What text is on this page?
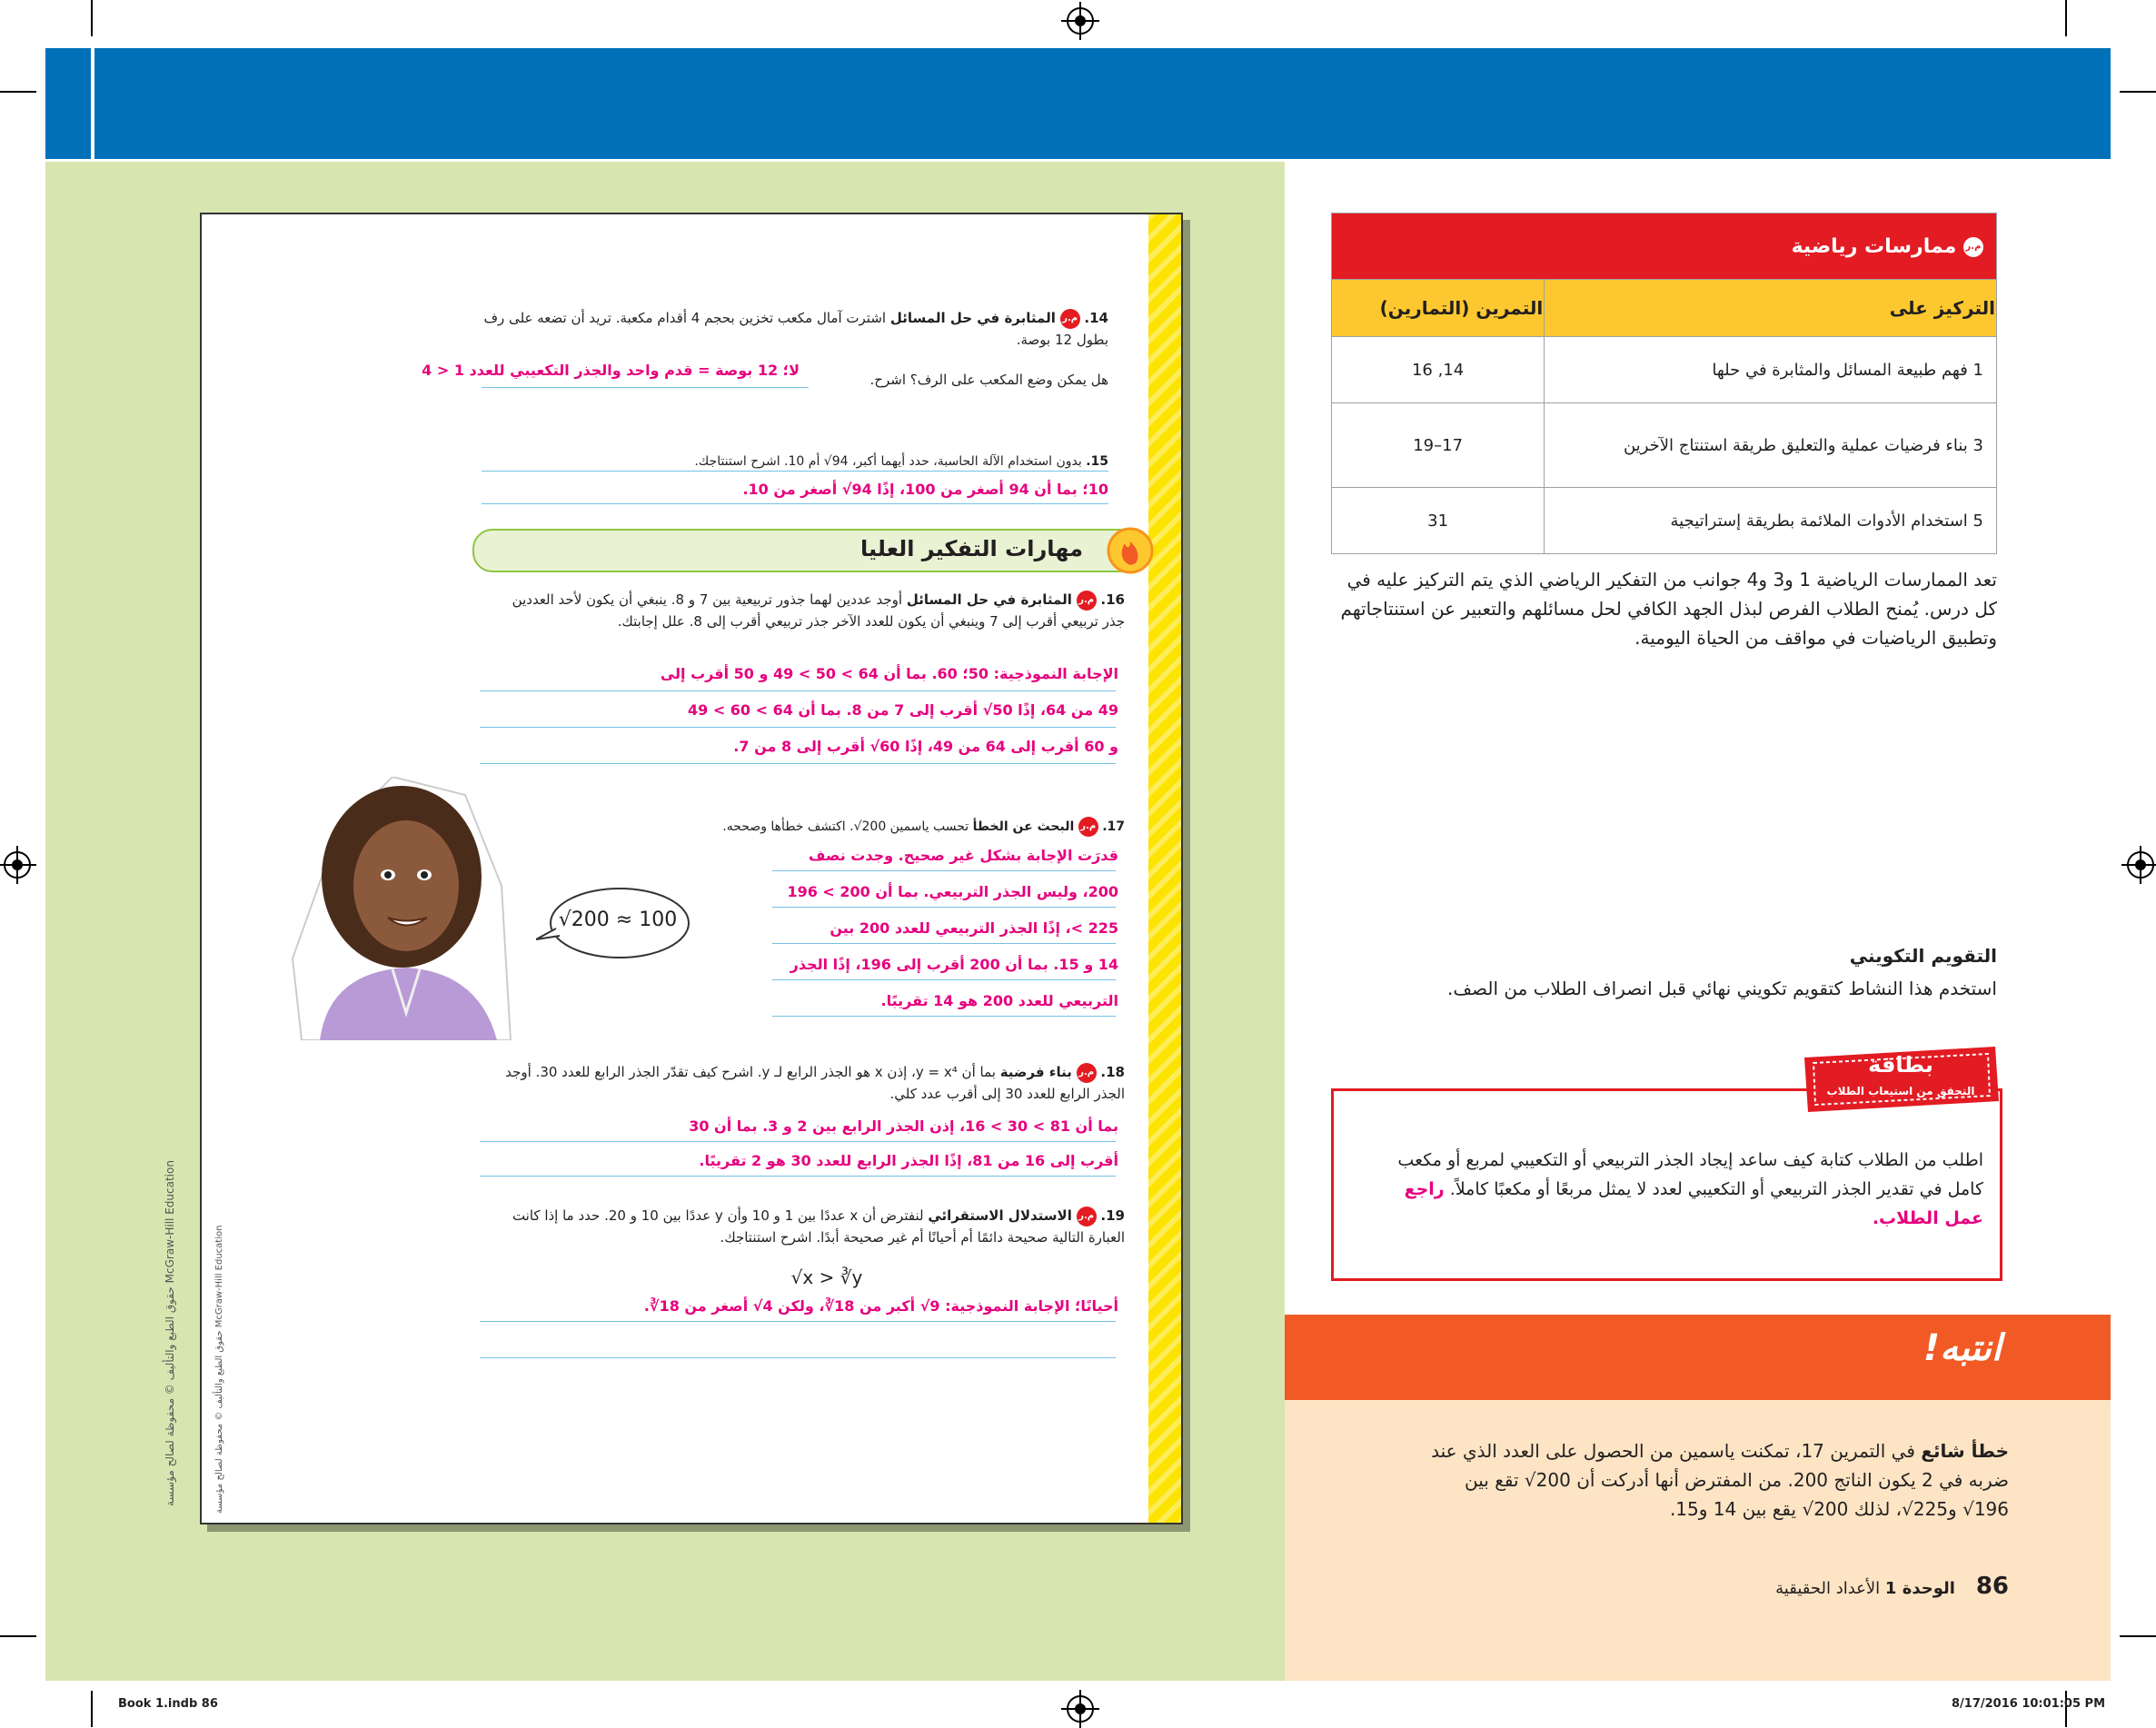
حقوق الطبع والتأليف © محفوظة لصالح مؤسسة McGraw-Hill Education
حقوق الطبع والتأليف © محفوظة لصالح مؤسسة McGraw-Hill Education
14. م.ر المثابرة في حل المسائل اشترت آمال مكعب تخزين بحجم 4 أقدام مكعبة. تريد أن تضعه على رف بطول 12 بوصة.
هل يمكن وضع المكعب على الرف؟ اشرح.
لا؛ 12 بوصة = قدم واحد والجذر التكعيبي للعدد 1 < 4
15. بدون استخدام الآلة الحاسبة، حدد أيهما أكبر، 94√ أم 10. اشرح استنتاجك.
10؛ بما أن 94 أصغر من 100، إذًا 94√ أصغر من 10.
مهارات التفكير العليا
16. م.ر المثابرة في حل المسائل أوجد عددين لهما جذور تربيعية بين 7 و 8. ينبغي أن يكون لأحد العددين جذر تربيعي أقرب إلى 7 وينبغي أن يكون للعدد الآخر جذر تربيعي أقرب إلى 8. علل إجابتك.
الإجابة النموذجية: 50؛ 60. بما أن 64 > 50 > 49 و 50 أقرب إلى
49 من 64، إذًا 50√ أقرب إلى 7 من 8. بما أن 64 > 60 > 49
و 60 أقرب إلى 64 من 49، إذًا 60√ أقرب إلى 8 من 7.
17. م.ر البحث عن الخطأ تحسب ياسمين 200√. اكتشف خطأها وصححه.
قدرَت الإجابة بشكل غير صحيح. وجدت نصف
200، وليس الجذر التربيعي. بما أن 200 > 196
225 >، إذًا الجذر التربيعي للعدد 200 بين
14 و 15. بما أن 200 أقرب إلى 196، إذًا الجذر
التربيعي للعدد 200 هو 14 تقريبًا.
√200 ≈ 100
18. م.ر بناء فرضية بما أن y = x⁴، إذن x هو الجذر الرابع لـ y. اشرح كيف تقدّر الجذر الرابع للعدد 30. أوجد الجذر الرابع للعدد 30 إلى أقرب عدد كلي.
بما أن 81 > 30 > 16، إذن الجذر الرابع بين 2 و 3. بما أن 30
أقرب إلى 16 من 81، إذًا الجذر الرابع للعدد 30 هو 2 تقريبًا.
19. م.ر الاستدلال الاستقرائي لنفترض أن x عددًا بين 1 و 10 وأن y عددًا بين 10 و 20. حدد ما إذا كانت العبارة التالية صحيحة دائمًا أم أحيانًا أم غير صحيحة أبدًا. اشرح استنتاجك.
√x > ∛y
أحيانًا؛ الإجابة النموذجية: 9√ أكبر من 18∛، ولكن 4√ أصغر من 18∛.
م.ر ممارسات رياضية	
التركيز على	التمرين (التمارين)
1 فهم طبيعة المسائل والمثابرة في حلها	14, 16
3 بناء فرضيات عملية والتعليق طريقة استنتاج الآخرين	17–19
5 استخدام الأدوات الملائمة بطريقة إستراتيجية	31
تعد الممارسات الرياضية 1 و3 و4 جوانب من التفكير الرياضي الذي يتم التركيز عليه في كل درس. يُمنح الطلاب الفرص لبذل الجهد الكافي لحل مسائلهم والتعبير عن استنتاجاتهم وتطبيق الرياضيات في مواقف من الحياة اليومية.
التقويم التكويني
استخدم هذا النشاط كتقويم تكويني نهائي قبل انصراف الطلاب من الصف.
اطلب من الطلاب كتابة كيف ساعد إيجاد الجذر التربيعي أو التكعيبي لمربع أو مكعب كامل في تقدير الجذر التربيعي أو التكعيبي لعدد لا يمثل مربعًا أو مكعبًا كاملاً. راجع عمل الطلاب.
بطاقة
التحقق من استيعاب الطلاب
انتبه!
خطأ شائع في التمرين 17، تمكنت ياسمين من الحصول على العدد الذي عند ضربه في 2 يكون الناتج 200. من المفترض أنها أدركت أن 200√ تقع بين 196√ و225√، لذلك 200√ يقع بين 14 و15.
86    الوحدة 1 الأعداد الحقيقية
Book 1.indb 86	8/17/2016 10:01:05 PM
